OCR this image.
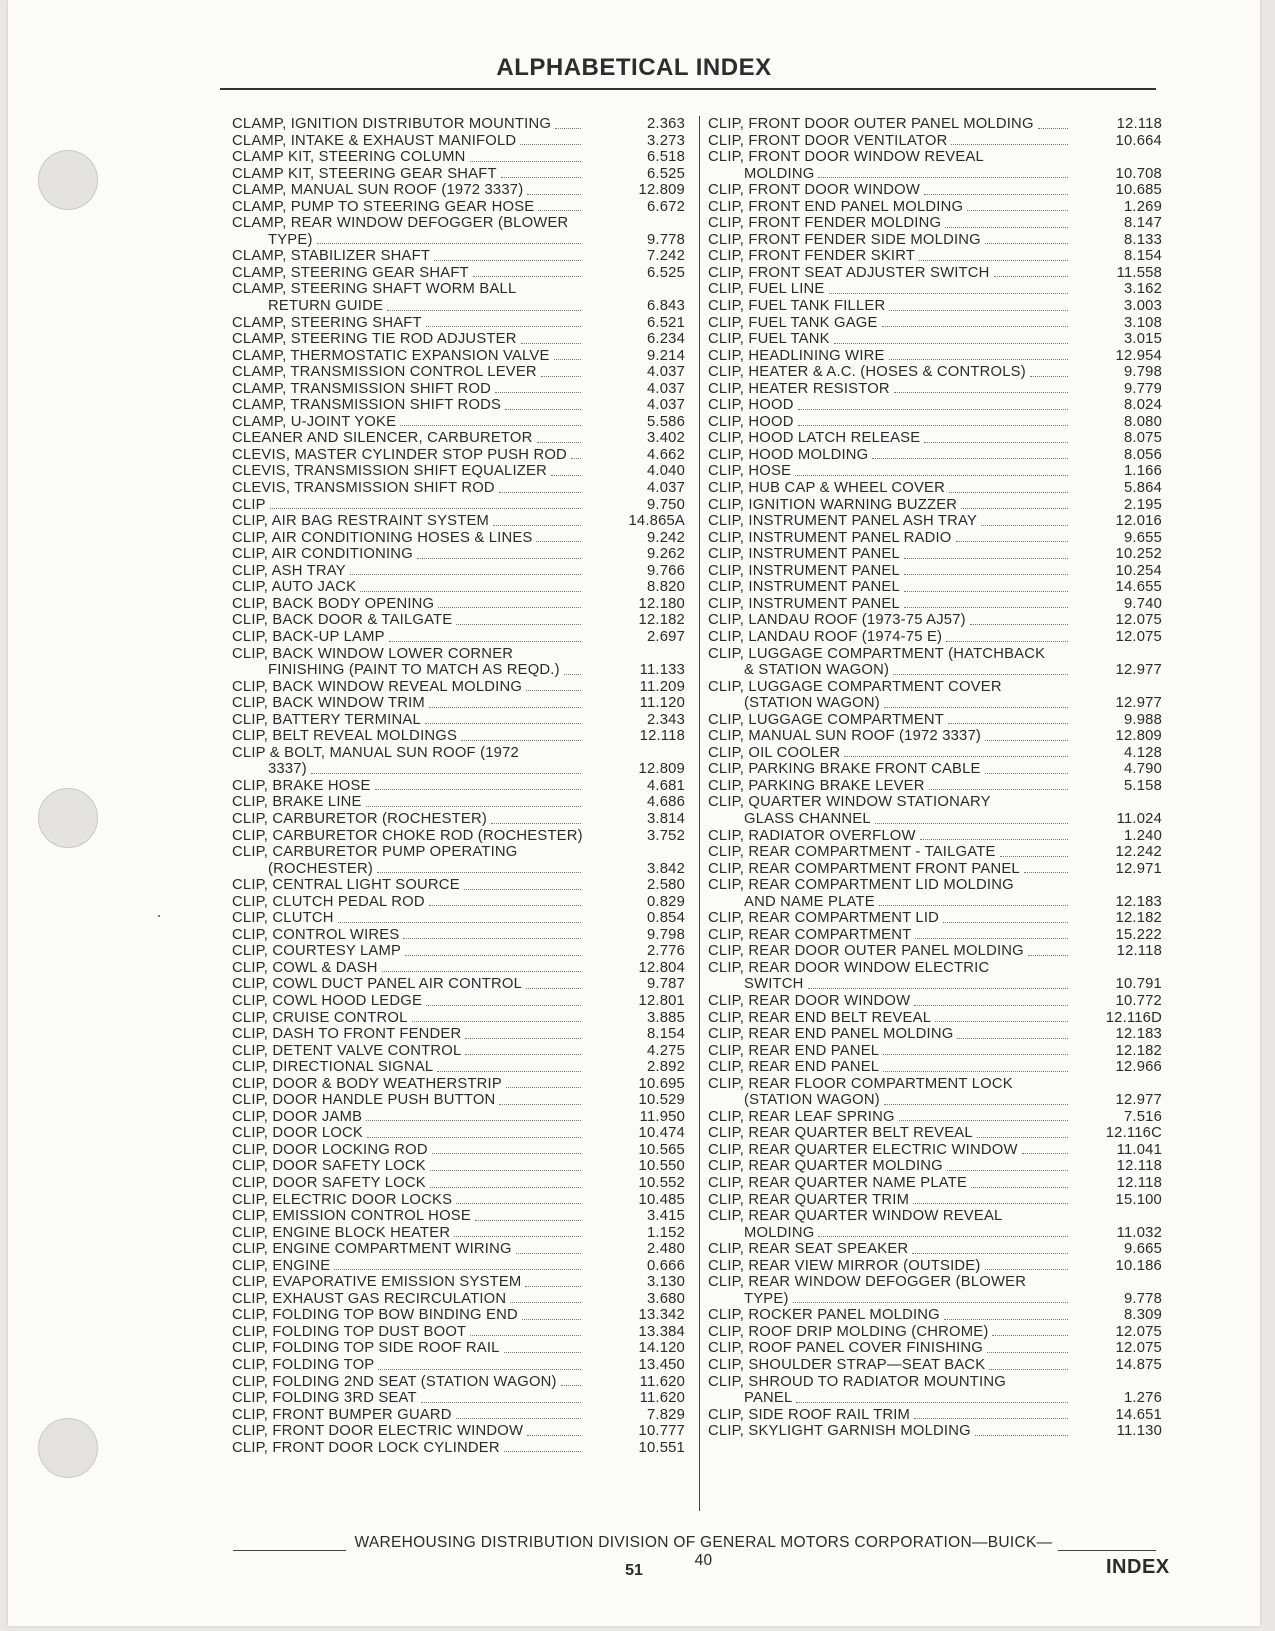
ALPHABETICAL INDEX
CLAMP, IGNITION DISTRIBUTOR MOUNTING	2.363
CLAMP, INTAKE & EXHAUST MANIFOLD	3.273
CLAMP KIT, STEERING COLUMN	6.518
CLAMP KIT, STEERING GEAR SHAFT	6.525
CLAMP, MANUAL SUN ROOF (1972 3337)	12.809
CLAMP, PUMP TO STEERING GEAR HOSE	6.672
CLAMP, REAR WINDOW DEFOGGER (BLOWER
TYPE)	9.778
CLAMP, STABILIZER SHAFT	7.242
CLAMP, STEERING GEAR SHAFT	6.525
CLAMP, STEERING SHAFT WORM BALL
RETURN GUIDE	6.843
CLAMP, STEERING SHAFT	6.521
CLAMP, STEERING TIE ROD ADJUSTER	6.234
CLAMP, THERMOSTATIC EXPANSION VALVE	9.214
CLAMP, TRANSMISSION CONTROL LEVER	4.037
CLAMP, TRANSMISSION SHIFT ROD	4.037
CLAMP, TRANSMISSION SHIFT RODS	4.037
CLAMP, U-JOINT YOKE	5.586
CLEANER AND SILENCER, CARBURETOR	3.402
CLEVIS, MASTER CYLINDER STOP PUSH ROD	4.662
CLEVIS, TRANSMISSION SHIFT EQUALIZER	4.040
CLEVIS, TRANSMISSION SHIFT ROD	4.037
CLIP	9.750
CLIP, AIR BAG RESTRAINT SYSTEM	14.865A
CLIP, AIR CONDITIONING HOSES & LINES	9.242
CLIP, AIR CONDITIONING	9.262
CLIP, ASH TRAY	9.766
CLIP, AUTO JACK	8.820
CLIP, BACK BODY OPENING	12.180
CLIP, BACK DOOR & TAILGATE	12.182
CLIP, BACK-UP LAMP	2.697
CLIP, BACK WINDOW LOWER CORNER
FINISHING (PAINT TO MATCH AS REQD.)	11.133
CLIP, BACK WINDOW REVEAL MOLDING	11.209
CLIP, BACK WINDOW TRIM	11.120
CLIP, BATTERY TERMINAL	2.343
CLIP, BELT REVEAL MOLDINGS	12.118
CLIP & BOLT, MANUAL SUN ROOF (1972
3337)	12.809
CLIP, BRAKE HOSE	4.681
CLIP, BRAKE LINE	4.686
CLIP, CARBURETOR (ROCHESTER)	3.814
CLIP, CARBURETOR CHOKE ROD (ROCHESTER)	3.752
CLIP, CARBURETOR PUMP OPERATING
(ROCHESTER)	3.842
CLIP, CENTRAL LIGHT SOURCE	2.580
CLIP, CLUTCH PEDAL ROD	0.829
CLIP, CLUTCH	0.854
CLIP, CONTROL WIRES	9.798
CLIP, COURTESY LAMP	2.776
CLIP, COWL & DASH	12.804
CLIP, COWL DUCT PANEL AIR CONTROL	9.787
CLIP, COWL HOOD LEDGE	12.801
CLIP, CRUISE CONTROL	3.885
CLIP, DASH TO FRONT FENDER	8.154
CLIP, DETENT VALVE CONTROL	4.275
CLIP, DIRECTIONAL SIGNAL	2.892
CLIP, DOOR & BODY WEATHERSTRIP	10.695
CLIP, DOOR HANDLE PUSH BUTTON	10.529
CLIP, DOOR JAMB	11.950
CLIP, DOOR LOCK	10.474
CLIP, DOOR LOCKING ROD	10.565
CLIP, DOOR SAFETY LOCK	10.550
CLIP, DOOR SAFETY LOCK	10.552
CLIP, ELECTRIC DOOR LOCKS	10.485
CLIP, EMISSION CONTROL HOSE	3.415
CLIP, ENGINE BLOCK HEATER	1.152
CLIP, ENGINE COMPARTMENT WIRING	2.480
CLIP, ENGINE	0.666
CLIP, EVAPORATIVE EMISSION SYSTEM	3.130
CLIP, EXHAUST GAS RECIRCULATION	3.680
CLIP, FOLDING TOP BOW BINDING END	13.342
CLIP, FOLDING TOP DUST BOOT	13.384
CLIP, FOLDING TOP SIDE ROOF RAIL	14.120
CLIP, FOLDING TOP	13.450
CLIP, FOLDING 2ND SEAT (STATION WAGON)	11.620
CLIP, FOLDING 3RD SEAT	11.620
CLIP, FRONT BUMPER GUARD	7.829
CLIP, FRONT DOOR ELECTRIC WINDOW	10.777
CLIP, FRONT DOOR LOCK CYLINDER	10.551
CLIP, FRONT DOOR OUTER PANEL MOLDING	12.118
CLIP, FRONT DOOR VENTILATOR	10.664
CLIP, FRONT DOOR WINDOW REVEAL
MOLDING	10.708
CLIP, FRONT DOOR WINDOW	10.685
CLIP, FRONT END PANEL MOLDING	1.269
CLIP, FRONT FENDER MOLDING	8.147
CLIP, FRONT FENDER SIDE MOLDING	8.133
CLIP, FRONT FENDER SKIRT	8.154
CLIP, FRONT SEAT ADJUSTER SWITCH	11.558
CLIP, FUEL LINE	3.162
CLIP, FUEL TANK FILLER	3.003
CLIP, FUEL TANK GAGE	3.108
CLIP, FUEL TANK	3.015
CLIP, HEADLINING WIRE	12.954
CLIP, HEATER & A.C. (HOSES & CONTROLS)	9.798
CLIP, HEATER RESISTOR	9.779
CLIP, HOOD	8.024
CLIP, HOOD	8.080
CLIP, HOOD LATCH RELEASE	8.075
CLIP, HOOD MOLDING	8.056
CLIP, HOSE	1.166
CLIP, HUB CAP & WHEEL COVER	5.864
CLIP, IGNITION WARNING BUZZER	2.195
CLIP, INSTRUMENT PANEL ASH TRAY	12.016
CLIP, INSTRUMENT PANEL RADIO	9.655
CLIP, INSTRUMENT PANEL	10.252
CLIP, INSTRUMENT PANEL	10.254
CLIP, INSTRUMENT PANEL	14.655
CLIP, INSTRUMENT PANEL	9.740
CLIP, LANDAU ROOF (1973-75 AJ57)	12.075
CLIP, LANDAU ROOF (1974-75 E)	12.075
CLIP, LUGGAGE COMPARTMENT (HATCHBACK
& STATION WAGON)	12.977
CLIP, LUGGAGE COMPARTMENT COVER
(STATION WAGON)	12.977
CLIP, LUGGAGE COMPARTMENT	9.988
CLIP, MANUAL SUN ROOF (1972 3337)	12.809
CLIP, OIL COOLER	4.128
CLIP, PARKING BRAKE FRONT CABLE	4.790
CLIP, PARKING BRAKE LEVER	5.158
CLIP, QUARTER WINDOW STATIONARY
GLASS CHANNEL	11.024
CLIP, RADIATOR OVERFLOW	1.240
CLIP, REAR COMPARTMENT - TAILGATE	12.242
CLIP, REAR COMPARTMENT FRONT PANEL	12.971
CLIP, REAR COMPARTMENT LID MOLDING
AND NAME PLATE	12.183
CLIP, REAR COMPARTMENT LID	12.182
CLIP, REAR COMPARTMENT	15.222
CLIP, REAR DOOR OUTER PANEL MOLDING	12.118
CLIP, REAR DOOR WINDOW ELECTRIC
SWITCH	10.791
CLIP, REAR DOOR WINDOW	10.772
CLIP, REAR END BELT REVEAL	12.116D
CLIP, REAR END PANEL MOLDING	12.183
CLIP, REAR END PANEL	12.182
CLIP, REAR END PANEL	12.966
CLIP, REAR FLOOR COMPARTMENT LOCK
(STATION WAGON)	12.977
CLIP, REAR LEAF SPRING	7.516
CLIP, REAR QUARTER BELT REVEAL	12.116C
CLIP, REAR QUARTER ELECTRIC WINDOW	11.041
CLIP, REAR QUARTER MOLDING	12.118
CLIP, REAR QUARTER NAME PLATE	12.118
CLIP, REAR QUARTER TRIM	15.100
CLIP, REAR QUARTER WINDOW REVEAL
MOLDING	11.032
CLIP, REAR SEAT SPEAKER	9.665
CLIP, REAR VIEW MIRROR (OUTSIDE)	10.186
CLIP, REAR WINDOW DEFOGGER (BLOWER
TYPE)	9.778
CLIP, ROCKER PANEL MOLDING	8.309
CLIP, ROOF DRIP MOLDING (CHROME)	12.075
CLIP, ROOF PANEL COVER FINISHING	12.075
CLIP, SHOULDER STRAP—SEAT BACK	14.875
CLIP, SHROUD TO RADIATOR MOUNTING
PANEL	1.276
CLIP, SIDE ROOF RAIL TRIM	14.651
CLIP, SKYLIGHT GARNISH MOLDING	11.130
WAREHOUSING DISTRIBUTION DIVISION OF GENERAL MOTORS CORPORATION—BUICK—40
51	INDEX
